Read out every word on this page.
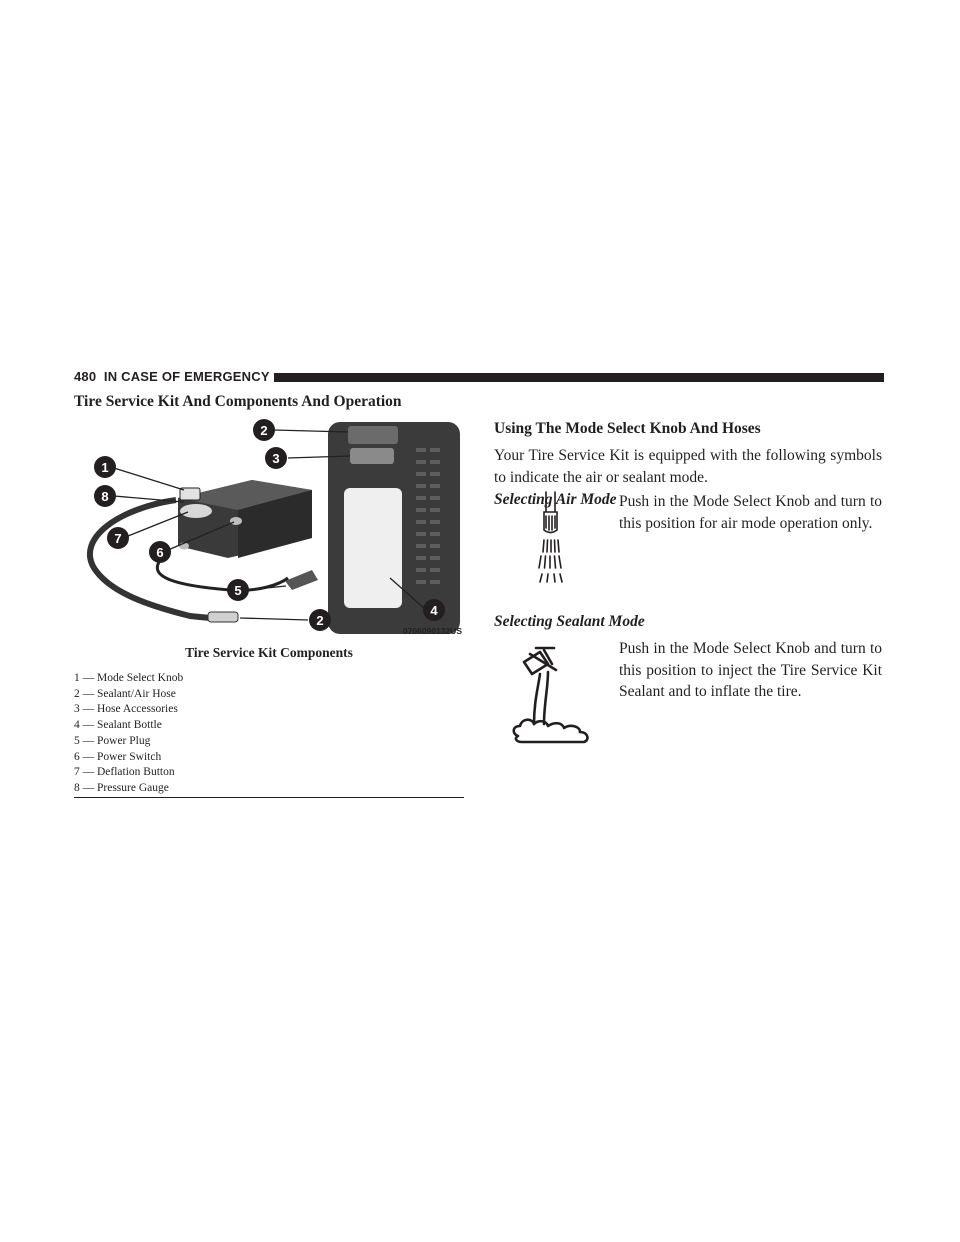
480 IN CASE OF EMERGENCY
Tire Service Kit And Components And Operation
2
3
1
8
7
6
5
2
4
0706090132US
Tire Service Kit Components
1 — Mode Select Knob
2 — Sealant/Air Hose
3 — Hose Accessories
4 — Sealant Bottle
5 — Power Plug
6 — Power Switch
7 — Deflation Button
8 — Pressure Gauge
Using The Mode Select Knob And Hoses
Your Tire Service Kit is equipped with the following symbols to indicate the air or sealant mode.
Selecting Air Mode Push in the Mode Select Knob and turn to this position for air mode operation only.
Selecting Sealant Mode
Push in the Mode Select Knob and turn to this position to inject the Tire Service Kit Sealant and to inflate the tire.
